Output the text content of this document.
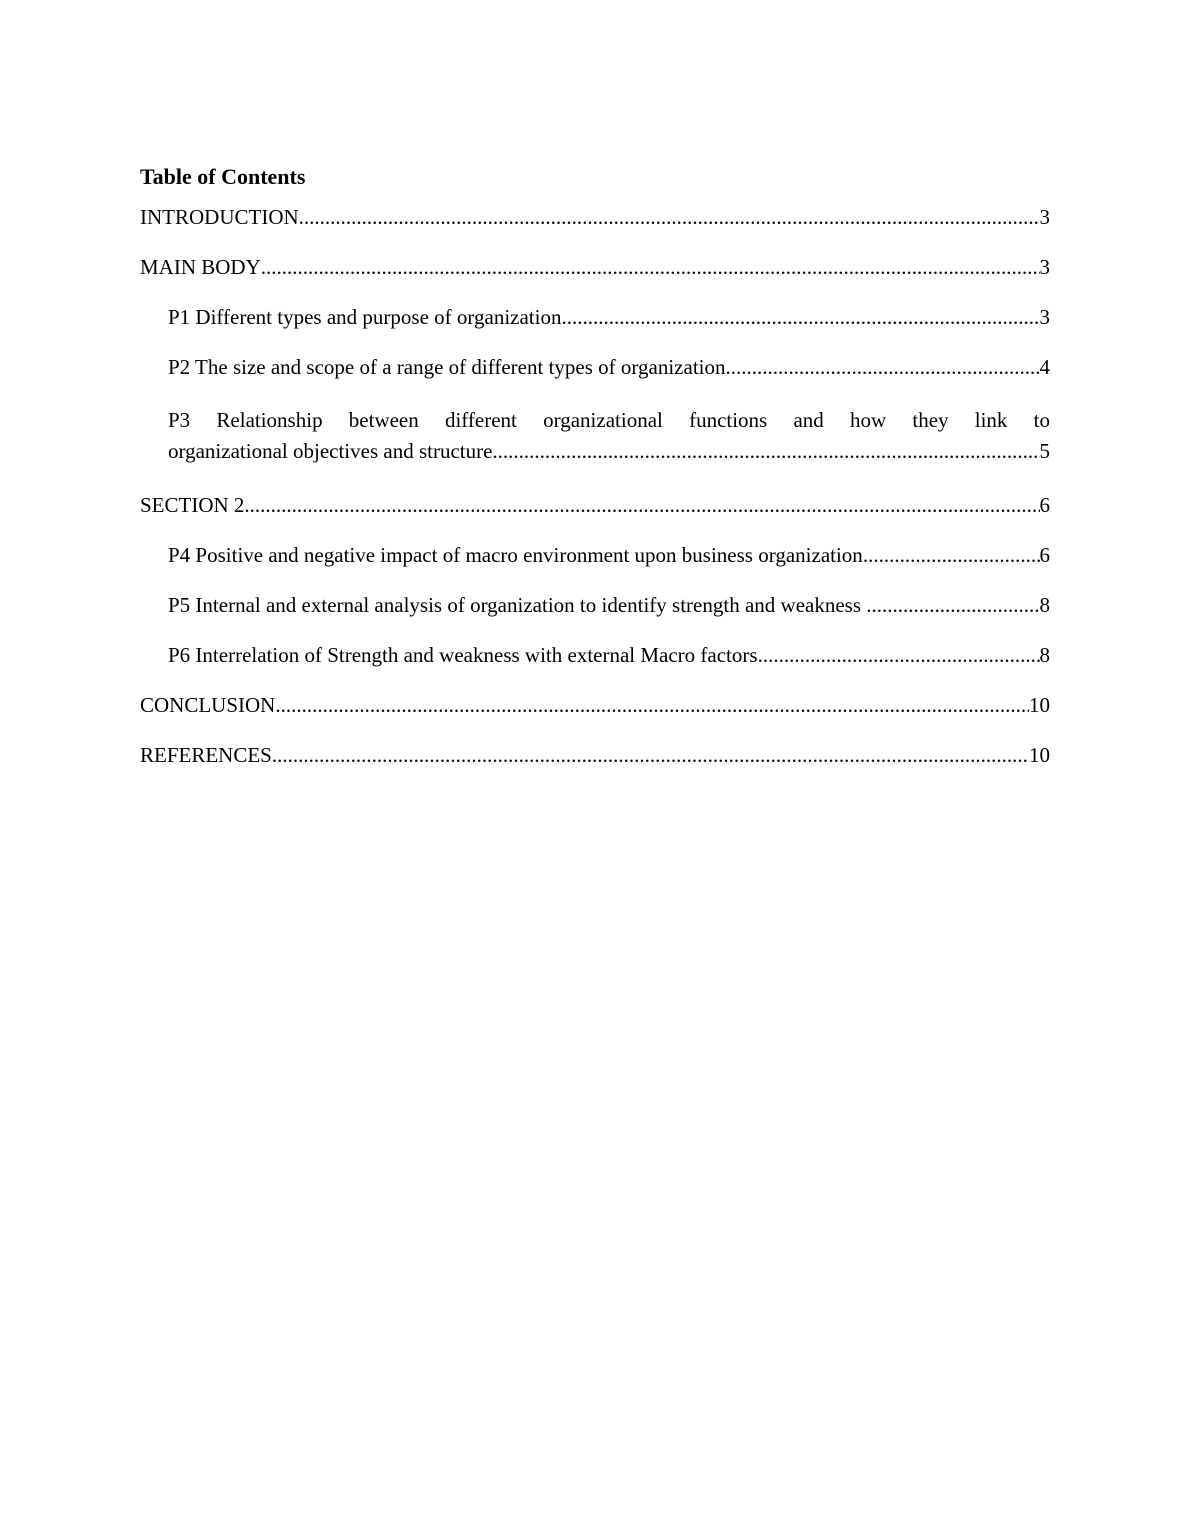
Table of Contents
INTRODUCTION .....	3
MAIN BODY .....	3
P1 Different types and purpose of organization .....	3
P2 The size and scope of a range of different types of organization .....	4
P3 Relationship between different organizational functions and how they link to
organizational objectives and structure .....	5
SECTION 2 .....	6
P4 Positive and negative impact of macro environment upon business organization .....	6
P5 Internal and external analysis of organization to identify strength and weakness .....	8
P6 Interrelation of Strength and weakness with external Macro factors .....	8
CONCLUSION .....	10
REFERENCES .....	10
